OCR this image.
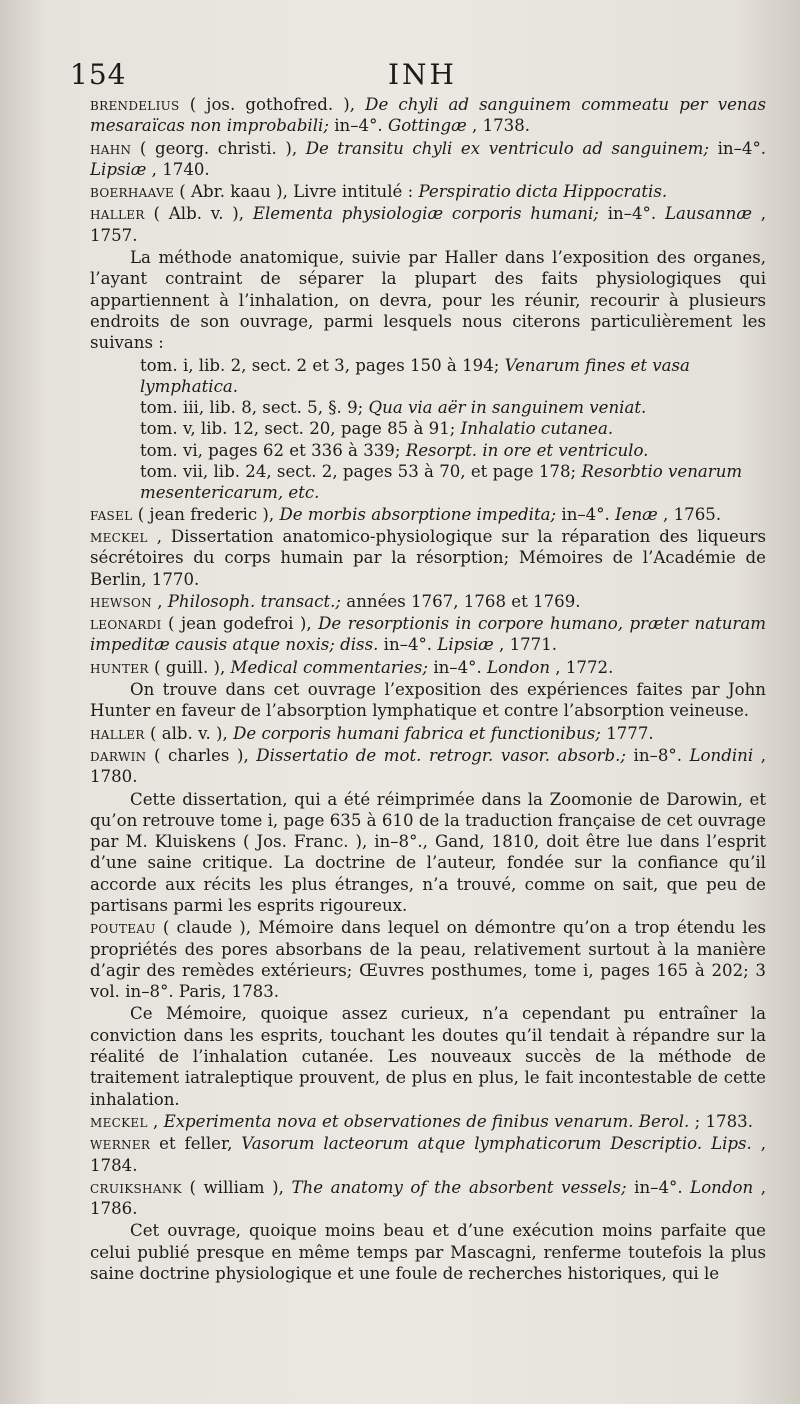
154	INH

brendelius ( jos. gothofred. ), De chyli ad sanguinem commeatu per venas mesaraïcas non improbabili; in–4°. Gottingæ , 1738.

hahn ( georg. christi. ), De transitu chyli ex ventriculo ad sanguinem; in–4°. Lipsiæ , 1740.

boerhaave ( Abr. kaau ), Livre intitulé : Perspiratio dicta Hippocratis.

haller ( Alb. v. ), Elementa physiologiæ corporis humani; in–4°. Lausannæ , 1757.

La méthode anatomique, suivie par Haller dans l’exposition des organes, l’ayant contraint de séparer la plupart des faits physiologiques qui appartiennent à l’inhalation, on devra, pour les réunir, recourir à plusieurs endroits de son ouvrage, parmi lesquels nous citerons particulièrement les suivans :

tom. i, lib. 2, sect. 2 et 3, pages 150 à 194; Venarum fines et vasa lymphatica.

tom. iii, lib. 8, sect. 5, §. 9; Qua via aër in sanguinem veniat.

tom. v, lib. 12, sect. 20, page 85 à 91; Inhalatio cutanea.

tom. vi, pages 62 et 336 à 339; Resorpt. in ore et ventriculo.

tom. vii, lib. 24, sect. 2, pages 53 à 70, et page 178; Resorbtio venarum mesentericarum, etc.

fasel ( jean frederic ), De morbis absorptione impedita; in–4°. Ienæ , 1765.

meckel , Dissertation anatomico-physiologique sur la réparation des liqueurs sécrétoires du corps humain par la résorption; Mémoires de l’Académie de Berlin, 1770.

hewson , Philosoph. transact.; années 1767, 1768 et 1769.

leonardi ( jean godefroi ), De resorptionis in corpore humano, præter naturam impeditæ causis atque noxis; diss. in–4°. Lipsiæ , 1771.

hunter ( guill. ), Medical commentaries; in–4°. London , 1772.

On trouve dans cet ouvrage l’exposition des expériences faites par John Hunter en faveur de l’absorption lymphatique et contre l’absorption veineuse.

haller ( alb. v. ), De corporis humani fabrica et functionibus; 1777.

darwin ( charles ), Dissertatio de mot. retrogr. vasor. absorb.; in–8°. Londini , 1780.

Cette dissertation, qui a été réimprimée dans la Zoomonie de Darowin, et qu’on retrouve tome i, page 635 à 610 de la traduction française de cet ouvrage par M. Kluiskens ( Jos. Franc. ), in–8°., Gand, 1810, doit être lue dans l’esprit d’une saine critique. La doctrine de l’auteur, fondée sur la confiance qu’il accorde aux récits les plus étranges, n’a trouvé, comme on sait, que peu de partisans parmi les esprits rigoureux.

pouteau ( claude ), Mémoire dans lequel on démontre qu’on a trop étendu les propriétés des pores absorbans de la peau, relativement surtout à la manière d’agir des remèdes extérieurs; Œuvres posthumes, tome i, pages 165 à 202; 3 vol. in–8°. Paris, 1783.

Ce Mémoire, quoique assez curieux, n’a cependant pu entraîner la conviction dans les esprits, touchant les doutes qu’il tendait à répandre sur la réalité de l’inhalation cutanée. Les nouveaux succès de la méthode de traitement iatraleptique prouvent, de plus en plus, le fait incontestable de cette inhalation.

meckel , Experimenta nova et observationes de finibus venarum. Berol. ; 1783.

werner et feller, Vasorum lacteorum atque lymphaticorum Descriptio. Lips. , 1784.

cruikshank ( william ), The anatomy of the absorbent vessels; in–4°. London , 1786.

Cet ouvrage, quoique moins beau et d’une exécution moins parfaite que celui publié presque en même temps par Mascagni, renferme toutefois la plus saine doctrine physiologique et une foule de recherches historiques, qui le
